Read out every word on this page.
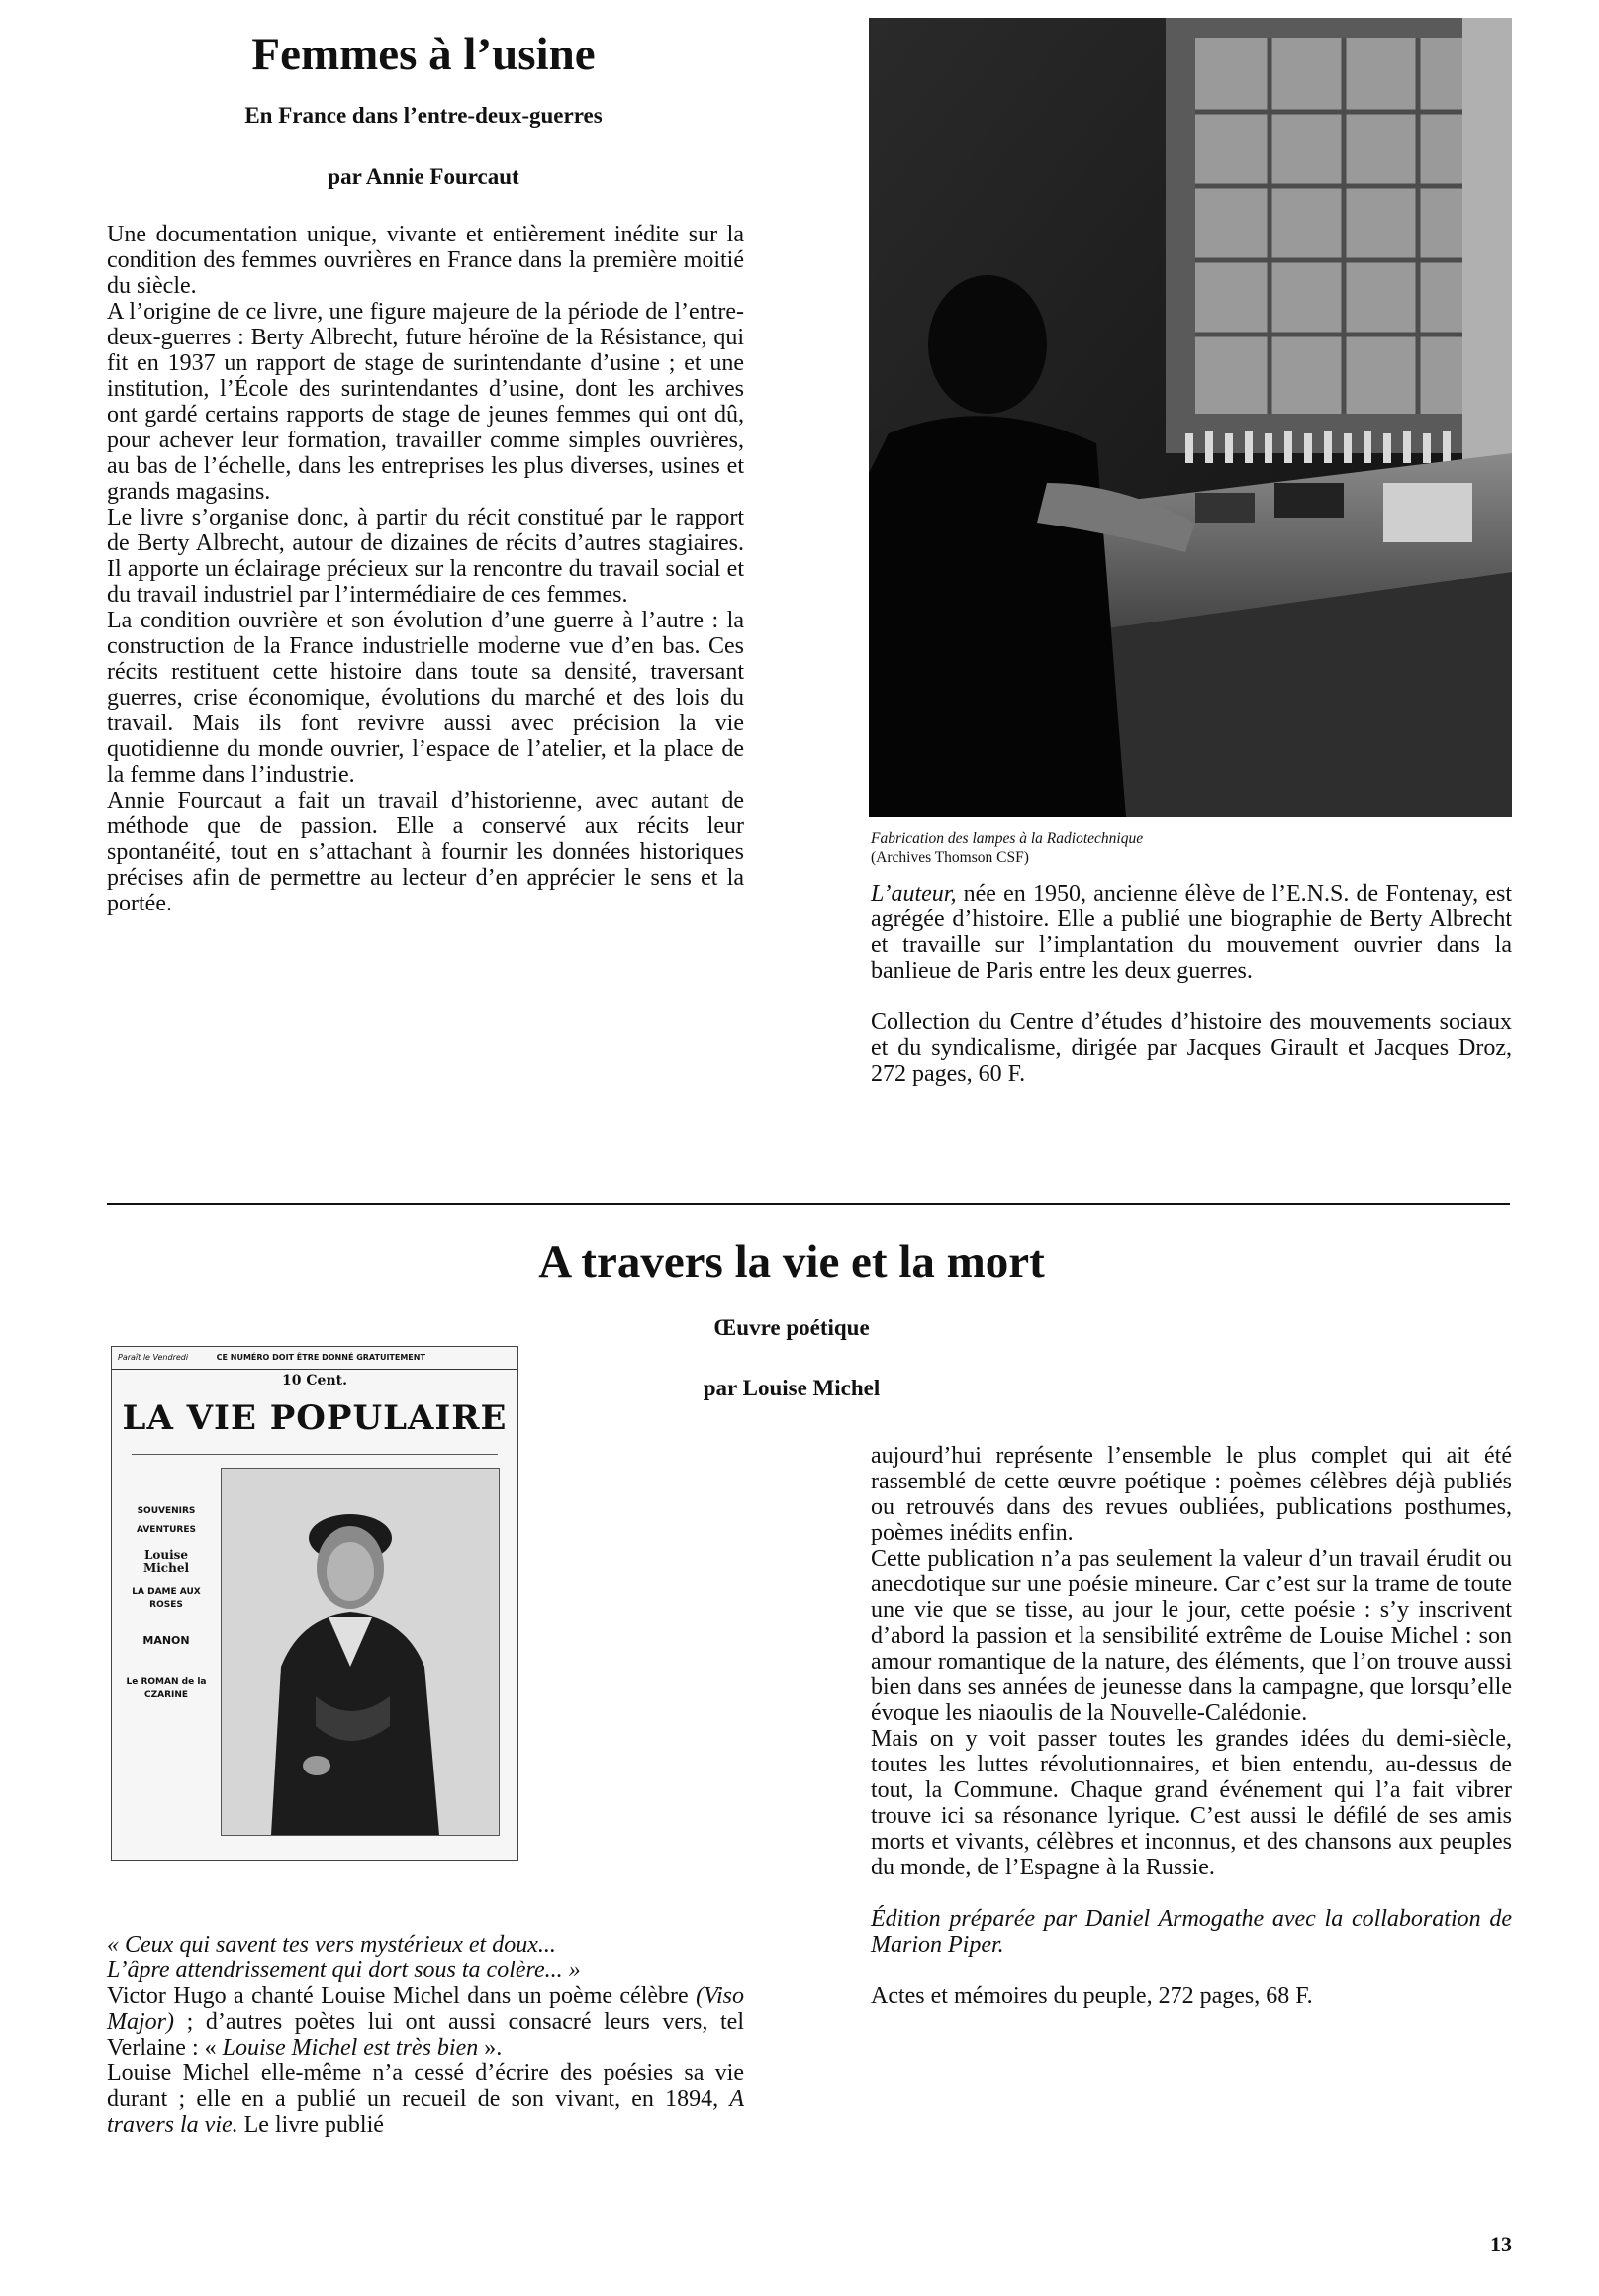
Femmes à l’usine
En France dans l’entre-deux-guerres
par Annie Fourcaut

Une documentation unique, vivante et entièrement inédite sur la condition des femmes ouvrières en France dans la première moitié du siècle.

A l’origine de ce livre, une figure majeure de la période de l’entre-deux-guerres : Berty Albrecht, future héroïne de la Résistance, qui fit en 1937 un rapport de stage de surintendante d’usine ; et une institution, l’École des surintendantes d’usine, dont les archives ont gardé certains rapports de stage de jeunes femmes qui ont dû, pour achever leur formation, travailler comme simples ouvrières, au bas de l’échelle, dans les entreprises les plus diverses, usines et grands magasins.

Le livre s’organise donc, à partir du récit constitué par le rapport de Berty Albrecht, autour de dizaines de récits d’autres stagiaires. Il apporte un éclairage précieux sur la rencontre du travail social et du travail industriel par l’intermédiaire de ces femmes.

La condition ouvrière et son évolution d’une guerre à l’autre : la construction de la France industrielle moderne vue d’en bas. Ces récits restituent cette histoire dans toute sa densité, traversant guerres, crise économique, évolutions du marché et des lois du travail. Mais ils font revivre aussi avec précision la vie quotidienne du monde ouvrier, l’espace de l’atelier, et la place de la femme dans l’industrie.

Annie Fourcaut a fait un travail d’historienne, avec autant de méthode que de passion. Elle a conservé aux récits leur spontanéité, tout en s’attachant à fournir les données historiques précises afin de permettre au lecteur d’en apprécier le sens et la portée.

Fabrication des lampes à la Radiotechnique
(Archives Thomson CSF)

L’auteur, née en 1950, ancienne élève de l’E.N.S. de Fontenay, est agrégée d’histoire. Elle a publié une biographie de Berty Albrecht et travaille sur l’implantation du mouvement ouvrier dans la banlieue de Paris entre les deux guerres.

Collection du Centre d’études d’histoire des mouvements sociaux et du syndicalisme, dirigée par Jacques Girault et Jacques Droz, 272 pages, 60 F.

A travers la vie et la mort
Œuvre poétique
par Louise Michel
Paraît le Vendredi	CE NUMÉRO DOIT ÊTRE DONNÉ GRATUITEMENT
10 Cent.
LA VIE POPULAIRE
SOUVENIRS
AVENTURES
Louise Michel
LA DAME AUX ROSES
MANON
Le ROMAN de la CZARINE

« Ceux qui savent tes vers mystérieux et doux...

L’âpre attendrissement qui dort sous ta colère... »

Victor Hugo a chanté Louise Michel dans un poème célèbre (Viso Major) ; d’autres poètes lui ont aussi consacré leurs vers, tel Verlaine : « Louise Michel est très bien ».

Louise Michel elle-même n’a cessé d’écrire des poésies sa vie durant ; elle en a publié un recueil de son vivant, en 1894, A travers la vie. Le livre publié

aujourd’hui représente l’ensemble le plus complet qui ait été rassemblé de cette œuvre poétique : poèmes célèbres déjà publiés ou retrouvés dans des revues oubliées, publications posthumes, poèmes inédits enfin.

Cette publication n’a pas seulement la valeur d’un travail érudit ou anecdotique sur une poésie mineure. Car c’est sur la trame de toute une vie que se tisse, au jour le jour, cette poésie : s’y inscrivent d’abord la passion et la sensibilité extrême de Louise Michel : son amour romantique de la nature, des éléments, que l’on trouve aussi bien dans ses années de jeunesse dans la campagne, que lorsqu’elle évoque les niaoulis de la Nouvelle-Calédonie.

Mais on y voit passer toutes les grandes idées du demi-siècle, toutes les luttes révolutionnaires, et bien entendu, au-dessus de tout, la Commune. Chaque grand événement qui l’a fait vibrer trouve ici sa résonance lyrique. C’est aussi le défilé de ses amis morts et vivants, célèbres et inconnus, et des chansons aux peuples du monde, de l’Espagne à la Russie.

Édition préparée par Daniel Armogathe avec la collaboration de Marion Piper.

Actes et mémoires du peuple, 272 pages, 68 F.

13
